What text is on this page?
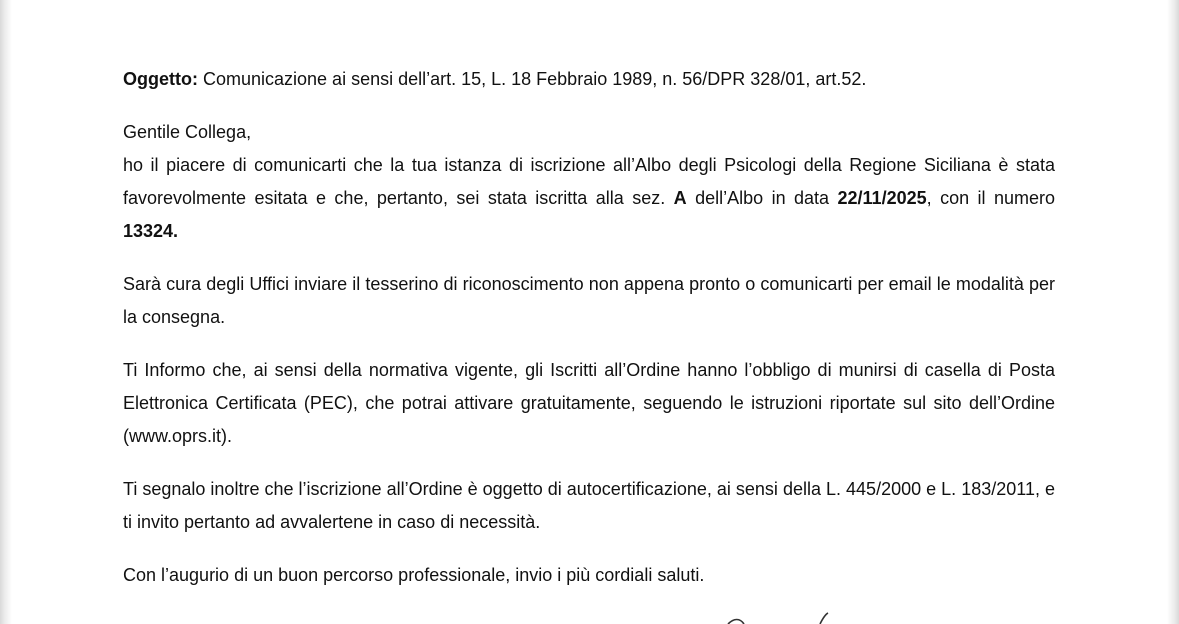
Oggetto: Comunicazione ai sensi dell’art. 15, L. 18 Febbraio 1989, n. 56/DPR 328/01, art.52.

Gentile Collega,

ho il piacere di comunicarti che la tua istanza di iscrizione all’Albo degli Psicologi della Regione Siciliana è stata favorevolmente esitata e che, pertanto, sei stata iscritta alla sez. A dell’Albo in data 22/11/2025, con il numero 13324.

Sarà cura degli Uffici inviare il tesserino di riconoscimento non appena pronto o comunicarti per email le modalità per la consegna.

Ti Informo che, ai sensi della normativa vigente, gli Iscritti all’Ordine hanno l’obbligo di munirsi di casella di Posta Elettronica Certificata (PEC), che potrai attivare gratuitamente, seguendo le istruzioni riportate sul sito dell’Ordine (www.oprs.it).

Ti segnalo inoltre che l’iscrizione all’Ordine è oggetto di autocertificazione, ai sensi della L. 445/2000 e L. 183/2011, e ti invito pertanto ad avvalertene in caso di necessità.

Con l’augurio di un buon percorso professionale, invio i più cordiali saluti.
